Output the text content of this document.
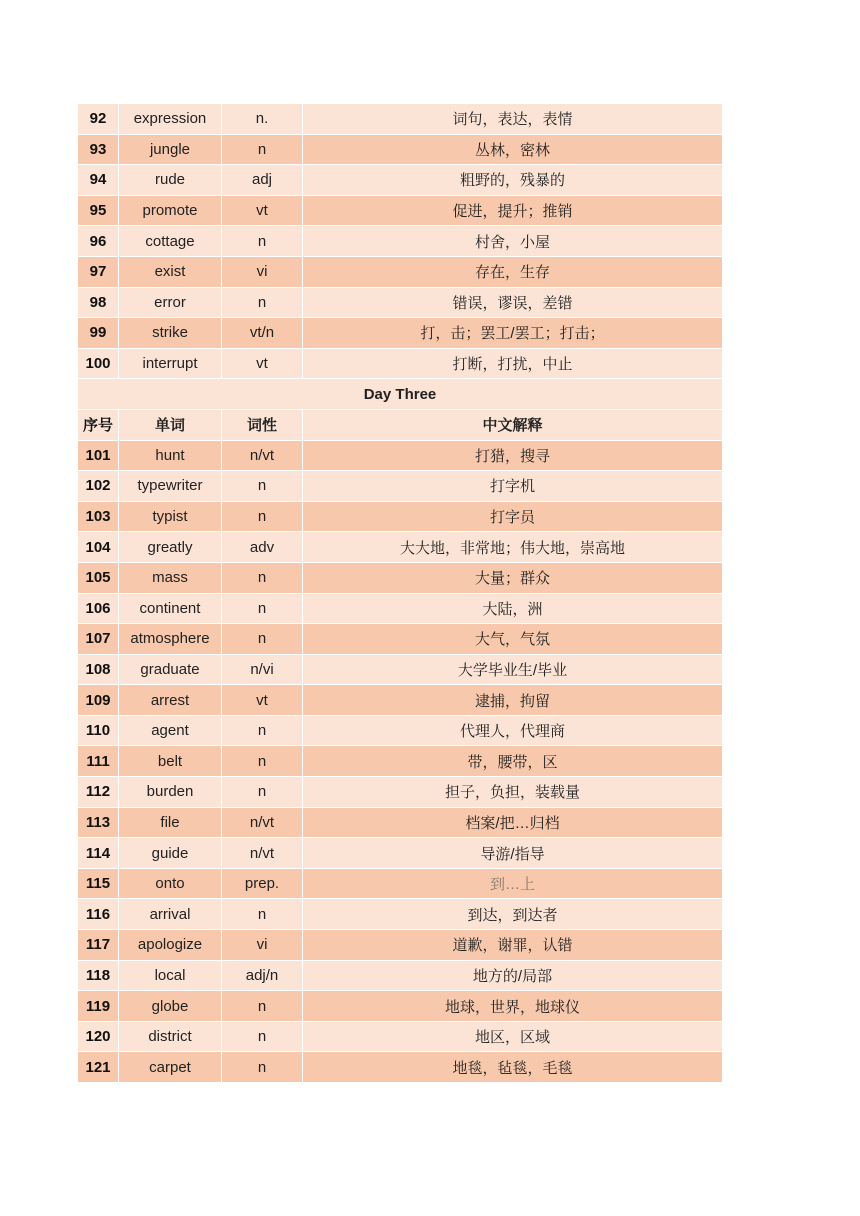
92	expression	n.	词句，表达，表情
93	jungle	n	丛林，密林
94	rude	adj	粗野的，残暴的
95	promote	vt	促进，提升；推销
96	cottage	n	村舍，小屋
97	exist	vi	存在，生存
98	error	n	错误，谬误，差错
99	strike	vt/n	打，击；罢工/罢工；打击；
100	interrupt	vt	打断，打扰，中止
Day Three			
序号	单词	词性	中文解释
101	hunt	n/vt	打猎，搜寻
102	typewriter	n	打字机
103	typist	n	打字员
104	greatly	adv	大大地，非常地；伟大地，崇高地
105	mass	n	大量；群众
106	continent	n	大陆，洲
107	atmosphere	n	大气，气氛
108	graduate	n/vi	大学毕业生/毕业
109	arrest	vt	逮捕，拘留
110	agent	n	代理人，代理商
111	belt	n	带，腰带，区
112	burden	n	担子，负担，装载量
113	file	n/vt	档案/把…归档
114	guide	n/vt	导游/指导
115	onto	prep.	到…上
116	arrival	n	到达，到达者
117	apologize	vi	道歉，谢罪，认错
118	local	adj/n	地方的/局部
119	globe	n	地球，世界，地球仪
120	district	n	地区，区域
121	carpet	n	地毯，毡毯，毛毯
